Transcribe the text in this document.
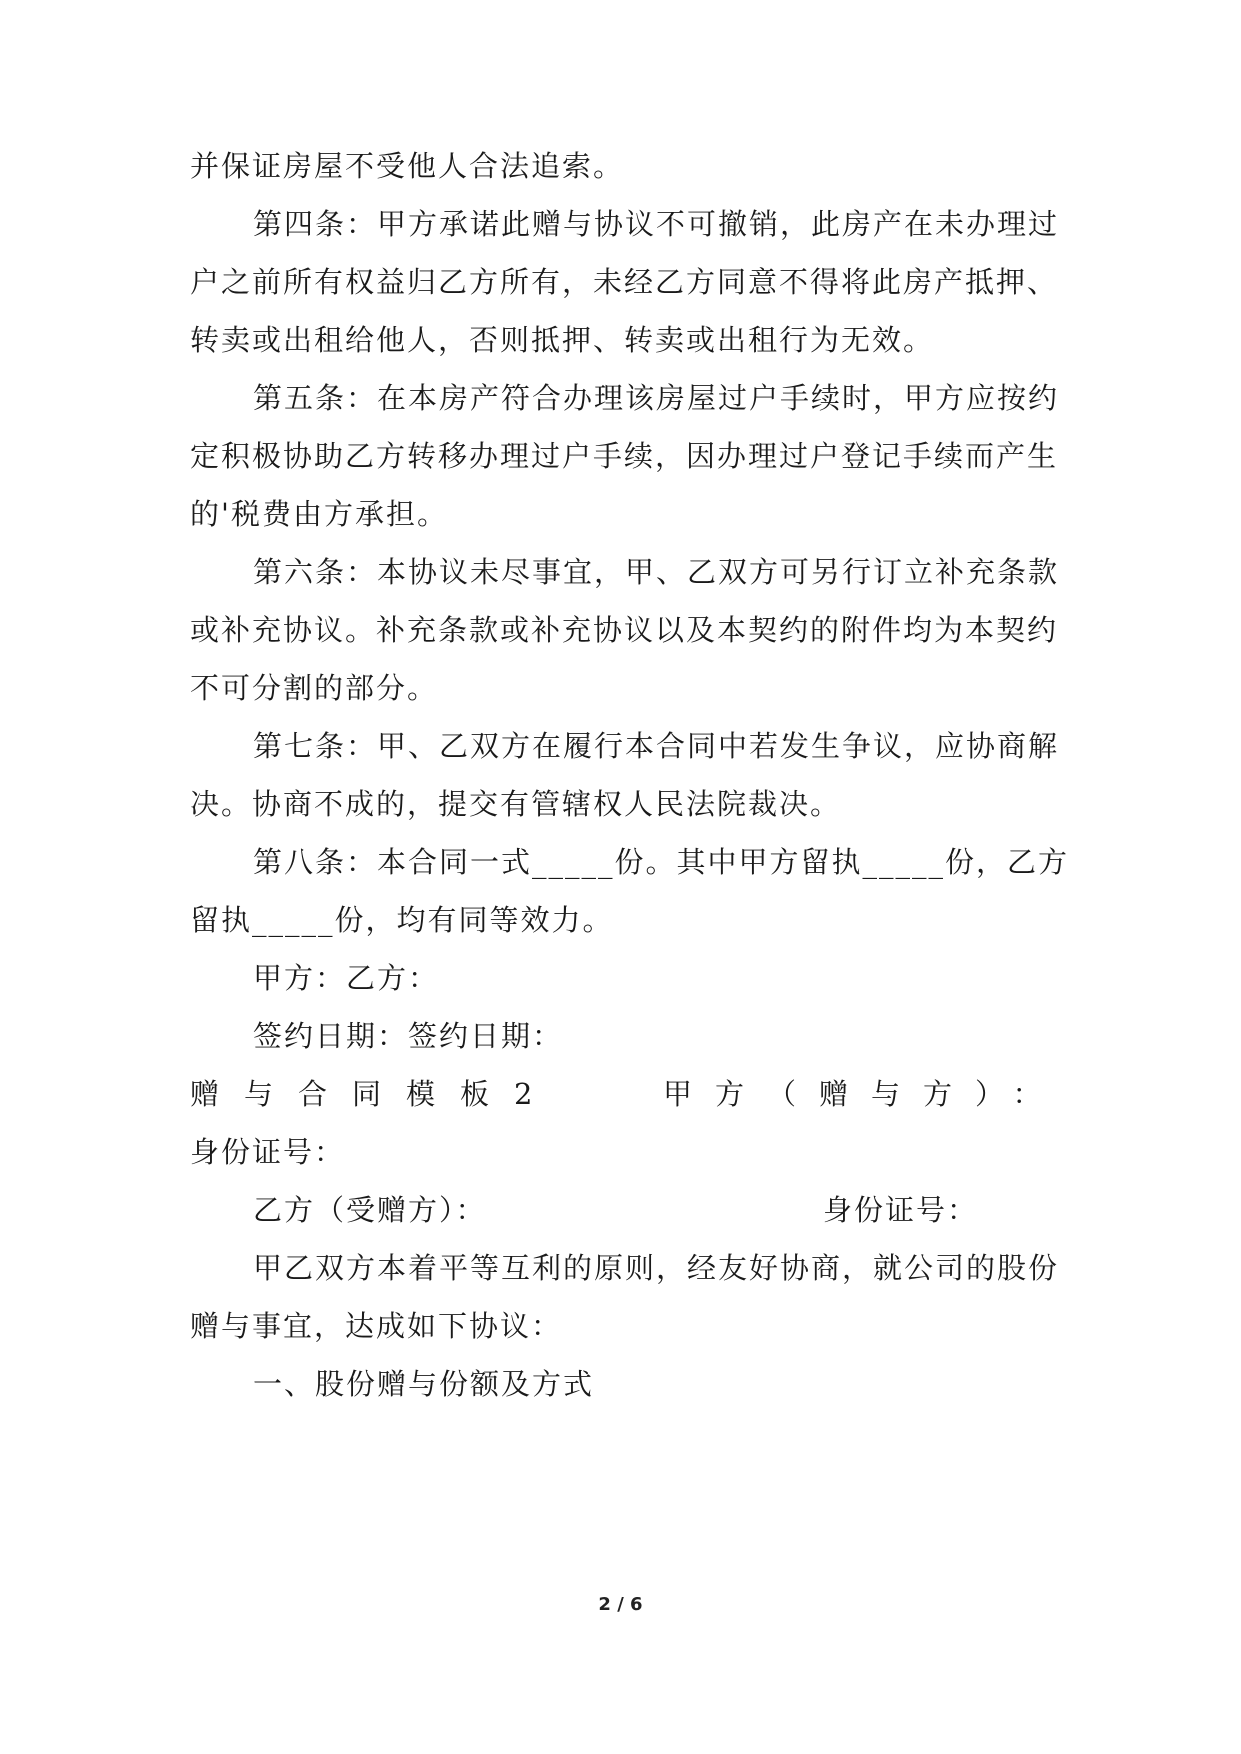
并保证房屋不受他人合法追索。
第四条：甲方承诺此赠与协议不可撤销，此房产在未办理过
户之前所有权益归乙方所有，未经乙方同意不得将此房产抵押、
转卖或出租给他人，否则抵押、转卖或出租行为无效。
第五条：在本房产符合办理该房屋过户手续时，甲方应按约
定积极协助乙方转移办理过户手续，因办理过户登记手续而产生
的'税费由方承担。
第六条：本协议未尽事宜，甲、乙双方可另行订立补充条款
或补充协议。补充条款或补充协议以及本契约的附件均为本契约
不可分割的部分。
第七条：甲、乙双方在履行本合同中若发生争议，应协商解
决。协商不成的，提交有管辖权人民法院裁决。
第八条：本合同一式_____份。其中甲方留执_____份，乙方
留执_____份，均有同等效力。
甲方：乙方：
签约日期：签约日期：
赠与合同模板2	甲方（赠与方）：
身份证号：
乙方（受赠方）：	身份证号：
甲乙双方本着平等互利的原则，经友好协商，就公司的股份
赠与事宜，达成如下协议：
一、股份赠与份额及方式
2 / 6
